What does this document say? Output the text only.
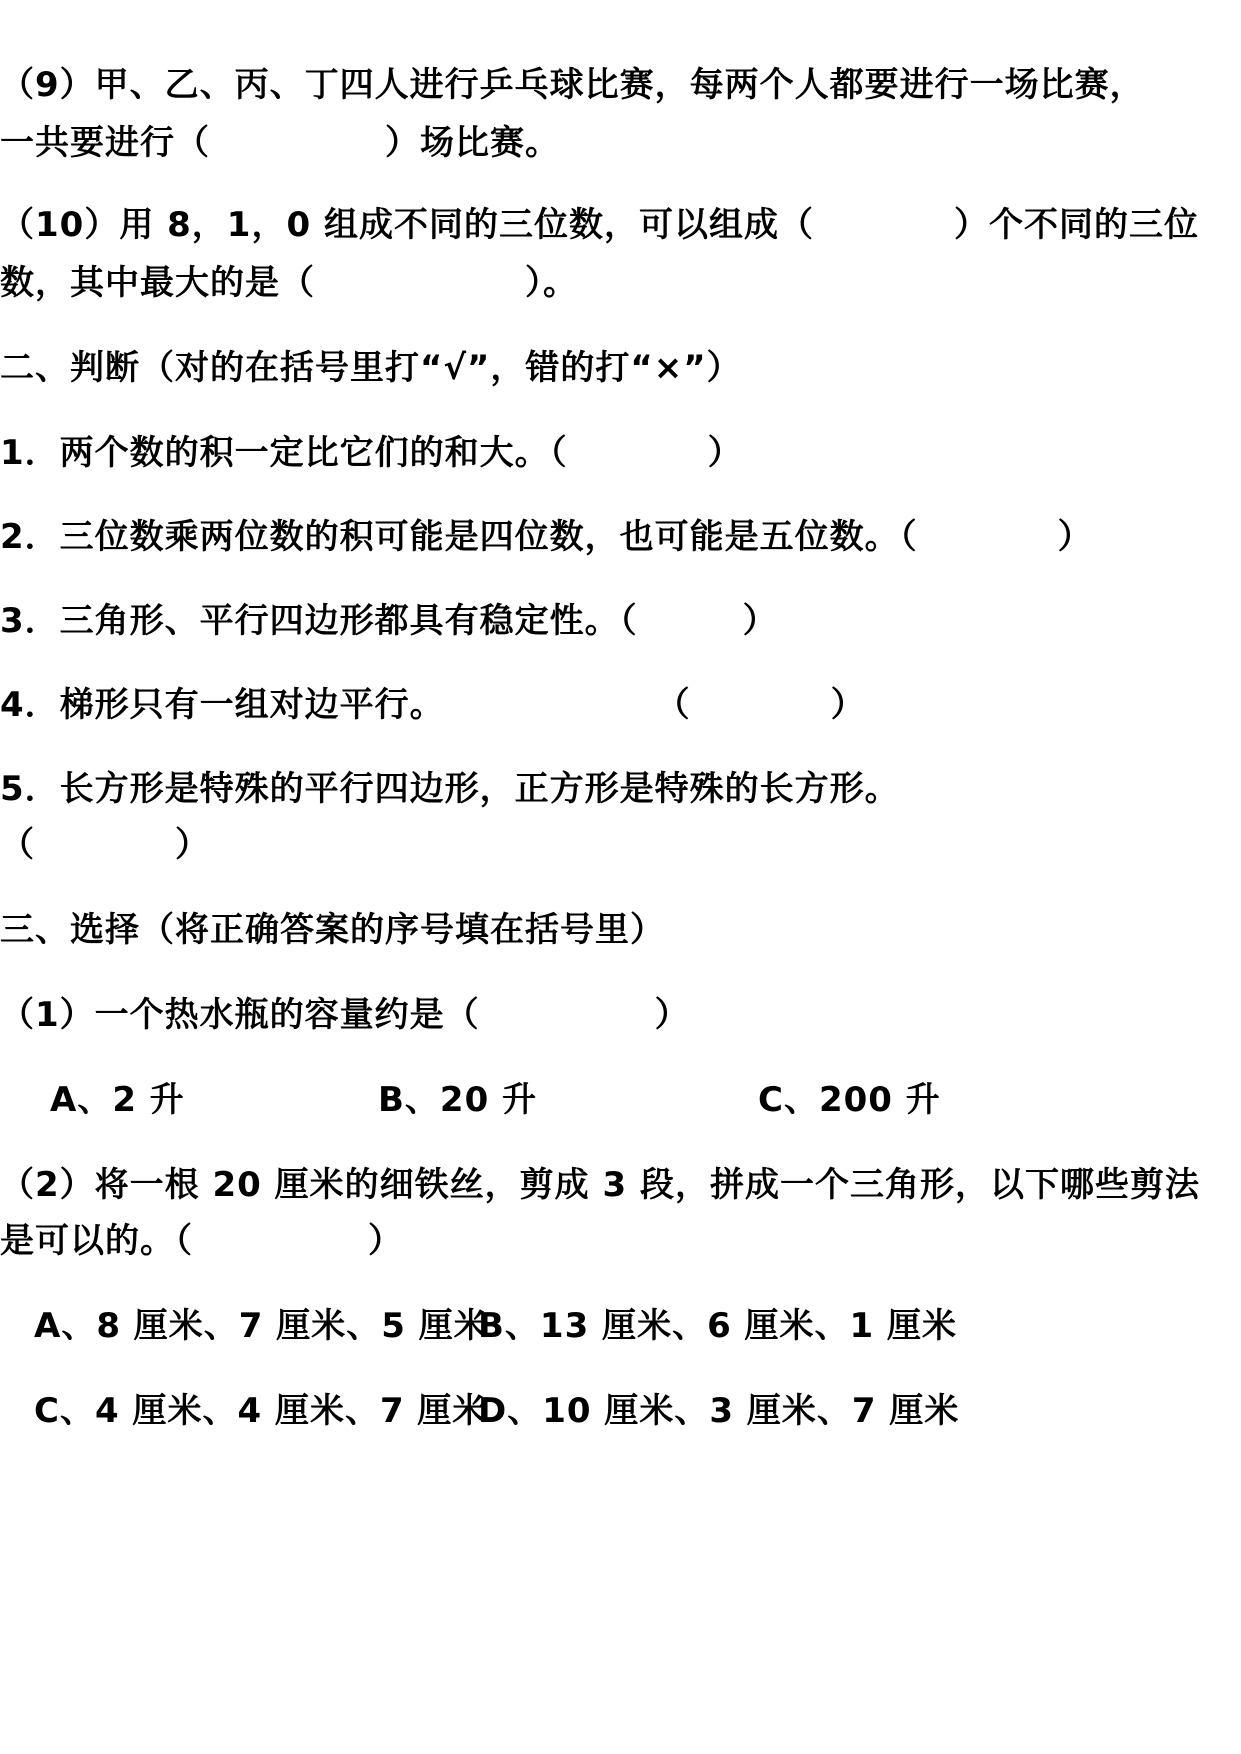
（9）甲、乙、丙、丁四人进行乒乓球比赛，每两个人都要进行一场比赛，
一共要进行（　　　　　）场比赛。
（10）用 8，1，0 组成不同的三位数，可以组成（　　　　）个不同的三位
数，其中最大的是（　　　　　　）。
二、判断（对的在括号里打“√”，错的打“×”）
1．两个数的积一定比它们的和大。（　　　　）
2．三位数乘两位数的积可能是四位数，也可能是五位数。（　　　　）
3．三角形、平行四边形都具有稳定性。（　　　）
4．梯形只有一组对边平行。　　　　　　　（　　　　）
5．长方形是特殊的平行四边形，正方形是特殊的长方形。
（　　　　）
三、选择（将正确答案的序号填在括号里）
（1）一个热水瓶的容量约是（　　　　　）
A、2 升	B、20 升	C、200 升
（2）将一根 20 厘米的细铁丝，剪成 3 段，拼成一个三角形，以下哪些剪法
是可以的。（　　　　　）
A、8 厘米、7 厘米、5 厘米
B、13 厘米、6 厘米、1 厘米
C、4 厘米、4 厘米、7 厘米
D、10 厘米、3 厘米、7 厘米
